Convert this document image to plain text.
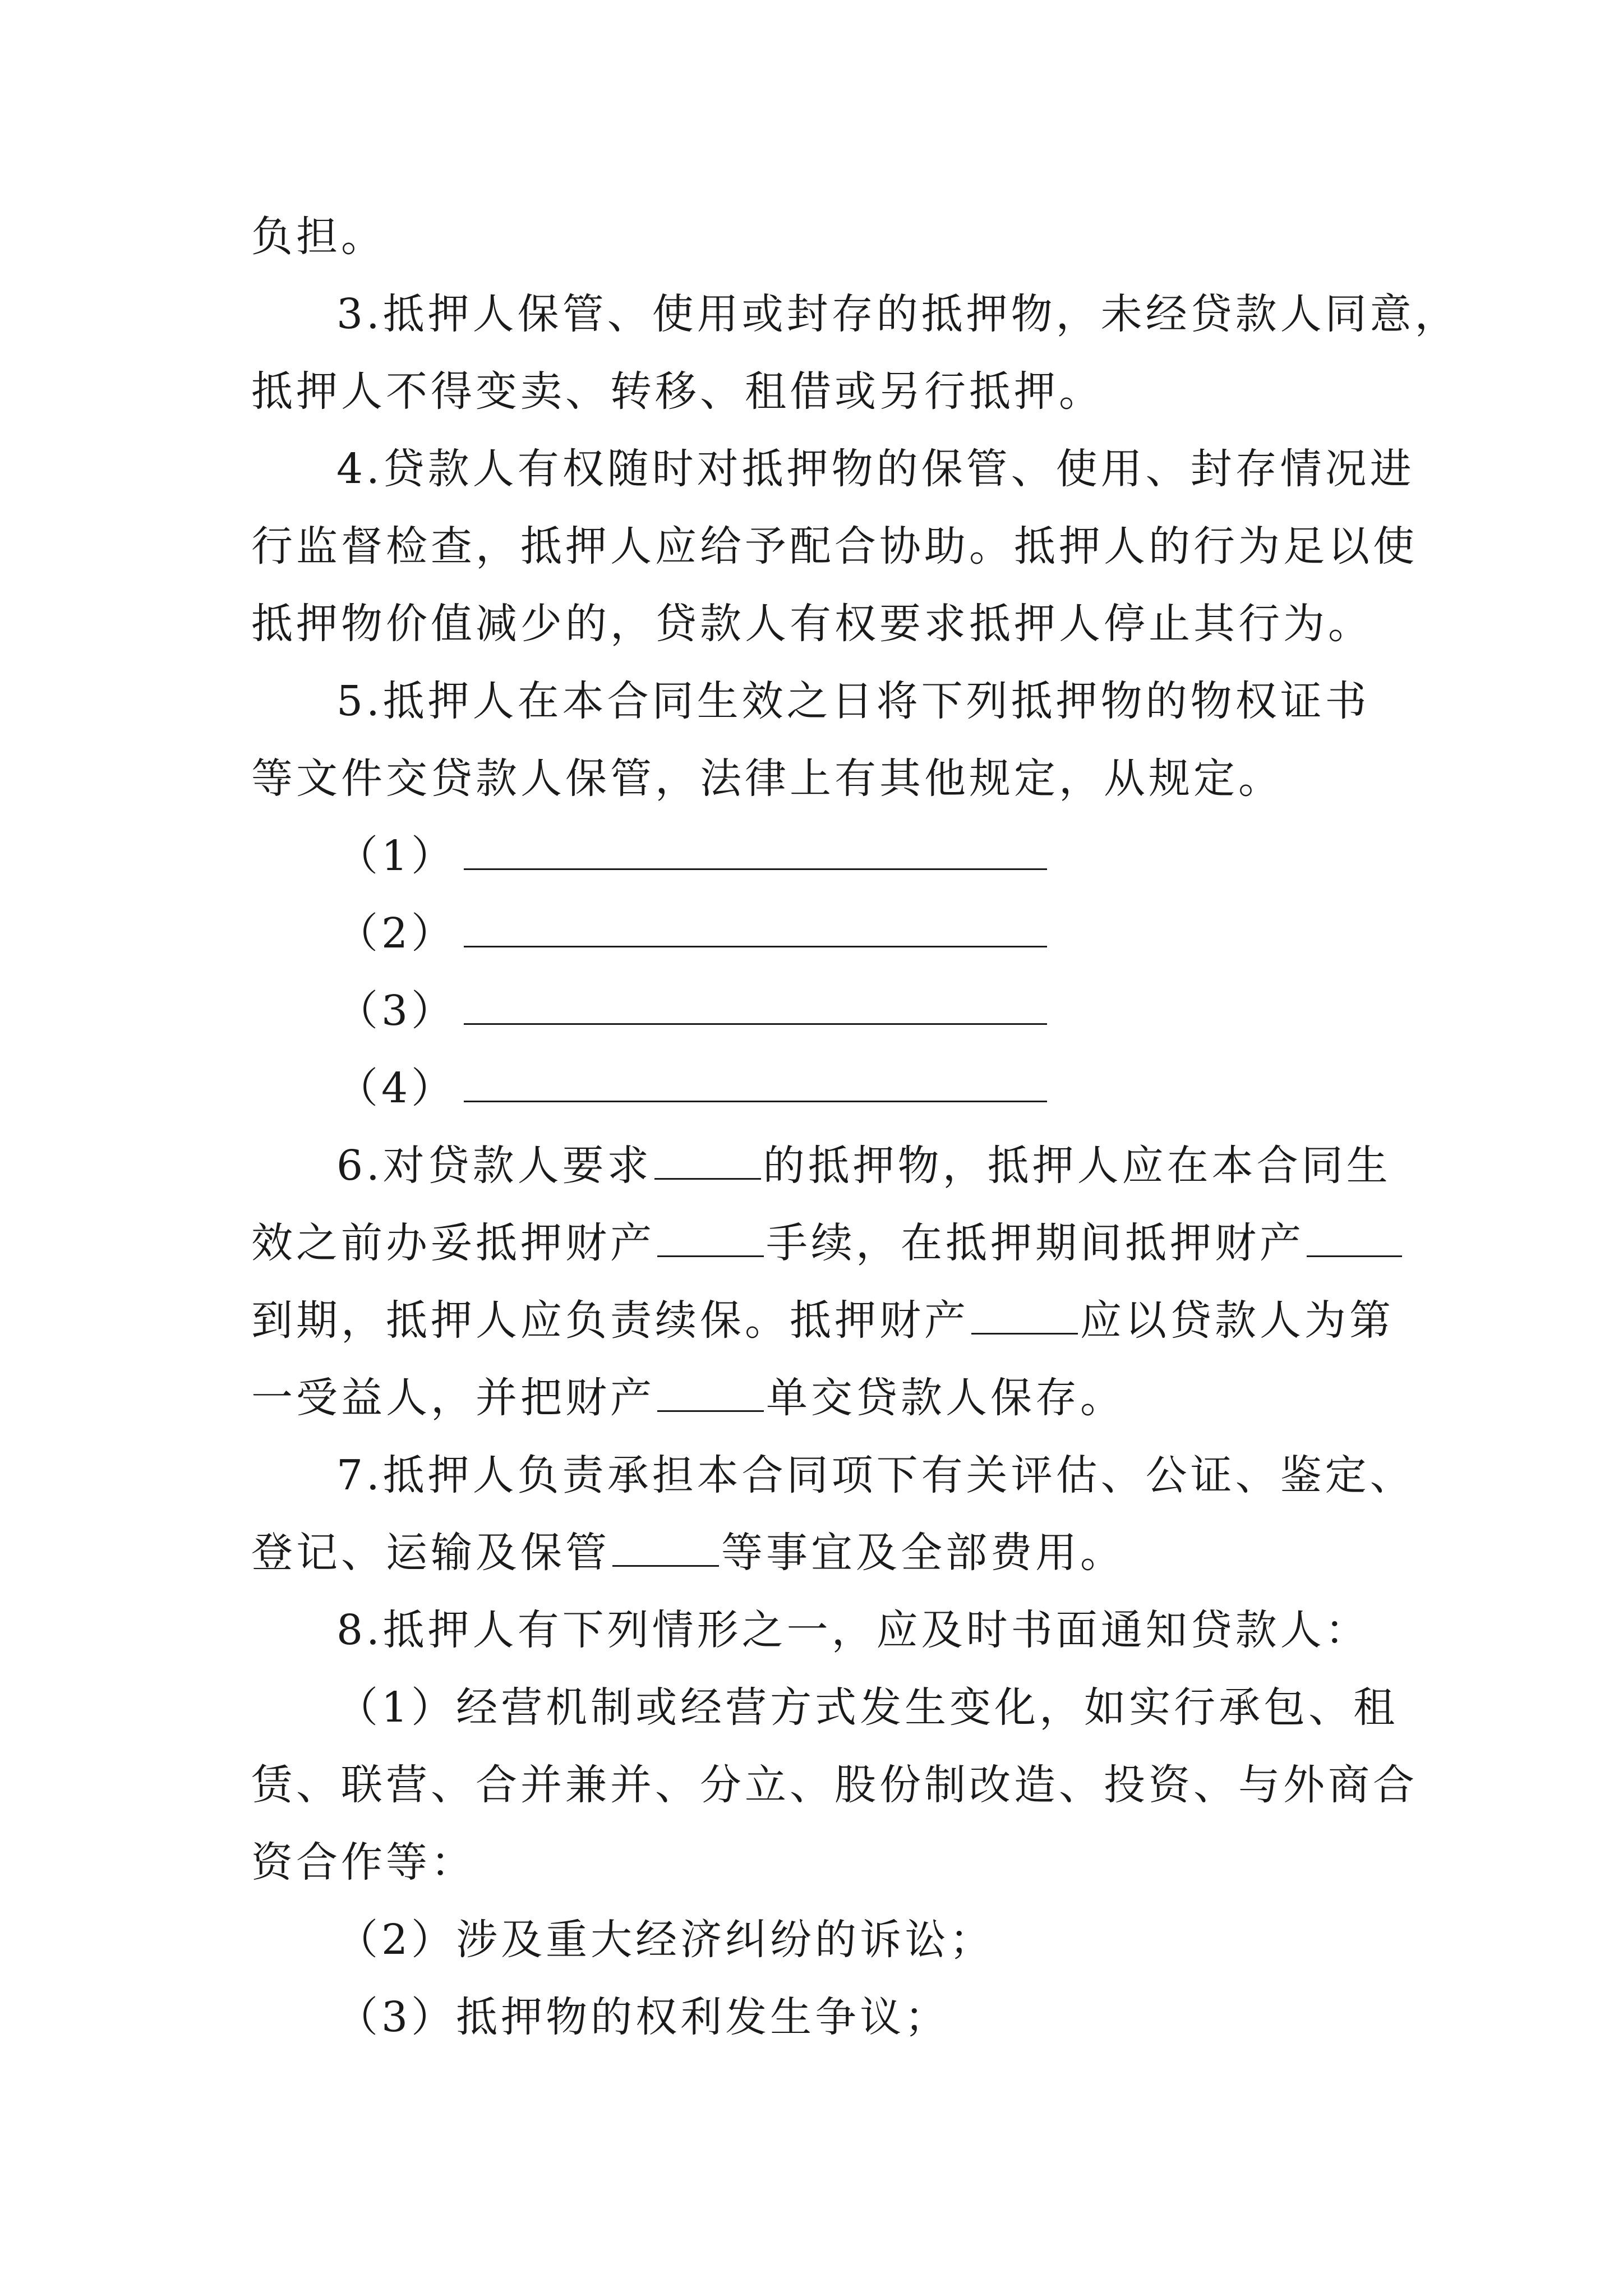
负担。
3.抵押人保管、使用或封存的抵押物，未经贷款人同意，
抵押人不得变卖、转移、租借或另行抵押。
4.贷款人有权随时对抵押物的保管、使用、封存情况进
行监督检查，抵押人应给予配合协助。抵押人的行为足以使
抵押物价值减少的，贷款人有权要求抵押人停止其行为。
5.抵押人在本合同生效之日将下列抵押物的物权证书
等文件交贷款人保管，法律上有其他规定，从规定。
（1）
（2）
（3）
（4）
6.对贷款人要求	的抵押物，抵押人应在本合同生
效之前办妥抵押财产	手续，在抵押期间抵押财产
到期，抵押人应负责续保。抵押财产	应以贷款人为第
一受益人，并把财产	单交贷款人保存。
7.抵押人负责承担本合同项下有关评估、公证、鉴定、
登记、运输及保管	等事宜及全部费用。
8.抵押人有下列情形之一，应及时书面通知贷款人：
（1）经营机制或经营方式发生变化，如实行承包、租
赁、联营、合并兼并、分立、股份制改造、投资、与外商合
资合作等：
（2）涉及重大经济纠纷的诉讼；
（3）抵押物的权利发生争议；
